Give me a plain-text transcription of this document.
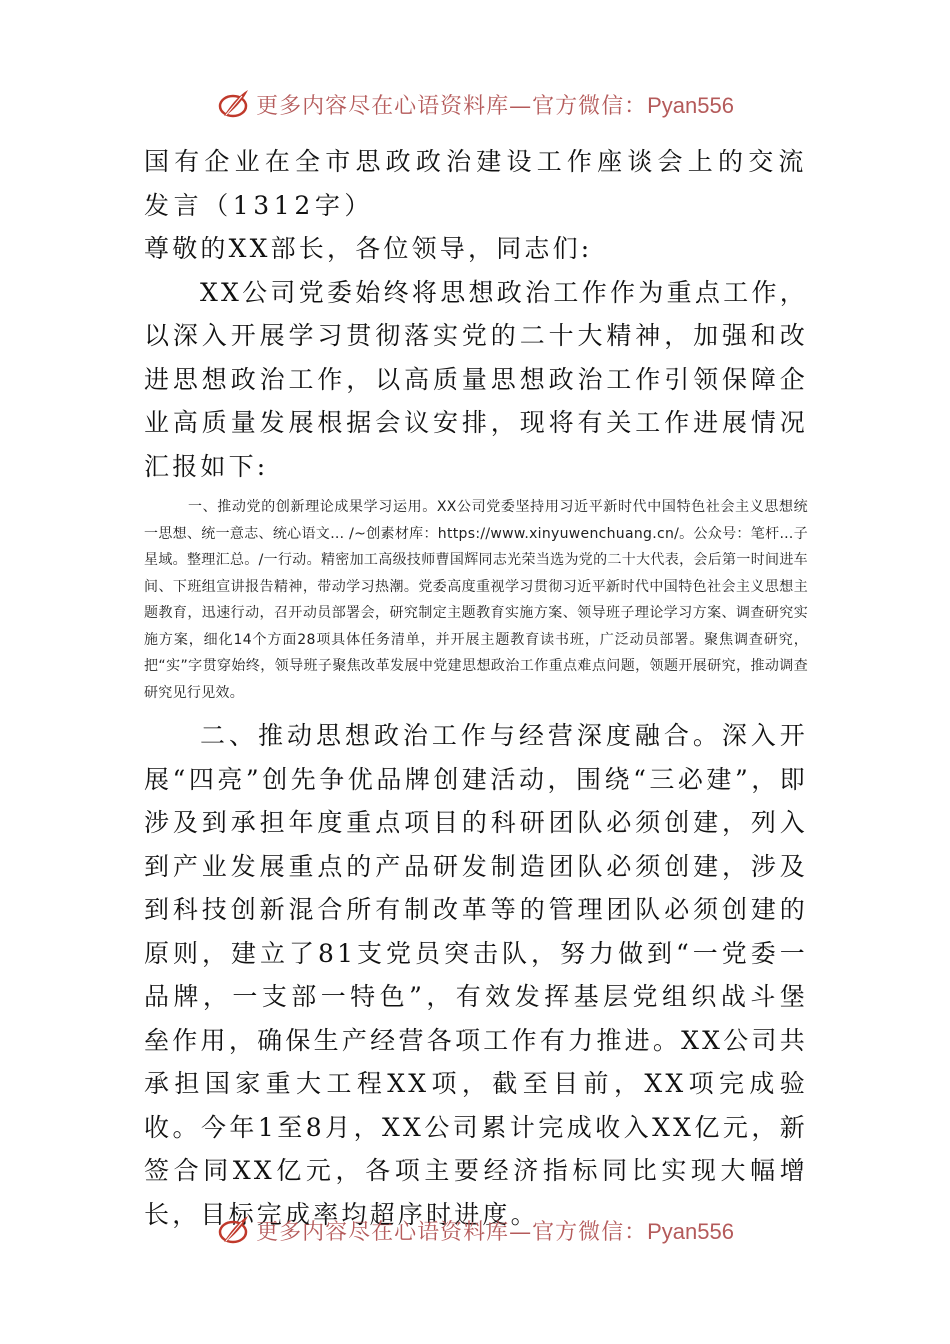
更多内容尽在心语资料库—官方微信：Pyan556

国有企业在全市思政政治建设工作座谈会上的交流发言（1312字）

尊敬的XX部长，各位领导，同志们:

XX公司党委始终将思想政治工作作为重点工作，以深入开展学习贯彻落实党的二十大精神，加强和改进思想政治工作，以高质量思想政治工作引领保障企业高质量发展根据会议安排，现将有关工作进展情况汇报如下:

一、推动党的创新理论成果学习运用。XX公司党委坚持用习近平新时代中国特色社会主义思想统一思想、统一意志、统心语文… /~创素材库：https://www.xinyuwenchuang.cn/。公众号：笔杆…子星域。整理汇总。/一行动。精密加工高级技师曹国辉同志光荣当选为党的二十大代表，会后第一时间进车间、下班组宣讲报告精神，带动学习热潮。党委高度重视学习贯彻习近平新时代中国特色社会主义思想主题教育，迅速行动，召开动员部署会，研究制定主题教育实施方案、领导班子理论学习方案、调查研究实施方案，细化14个方面28项具体任务清单，并开展主题教育读书班，广泛动员部署。聚焦调查研究，把“实”字贯穿始终，领导班子聚焦改革发展中党建思想政治工作重点难点问题，领题开展研究，推动调查研究见行见效。

二、推动思想政治工作与经营深度融合。深入开展“四亮”创先争优品牌创建活动，围绕“三必建”，即涉及到承担年度重点项目的科研团队必须创建，列入到产业发展重点的产品研发制造团队必须创建，涉及到科技创新混合所有制改革等的管理团队必须创建的原则，建立了81支党员突击队，努力做到“一党委一品牌，一支部一特色”，有效发挥基层党组织战斗堡垒作用，确保生产经营各项工作有力推进。XX公司共承担国家重大工程XX项，截至目前，XX项完成验收。今年1至8月，XX公司累计完成收入XX亿元，新签合同XX亿元，各项主要经济指标同比实现大幅增长，目标完成率均超序时进度。

更多内容尽在心语资料库—官方微信：Pyan556
